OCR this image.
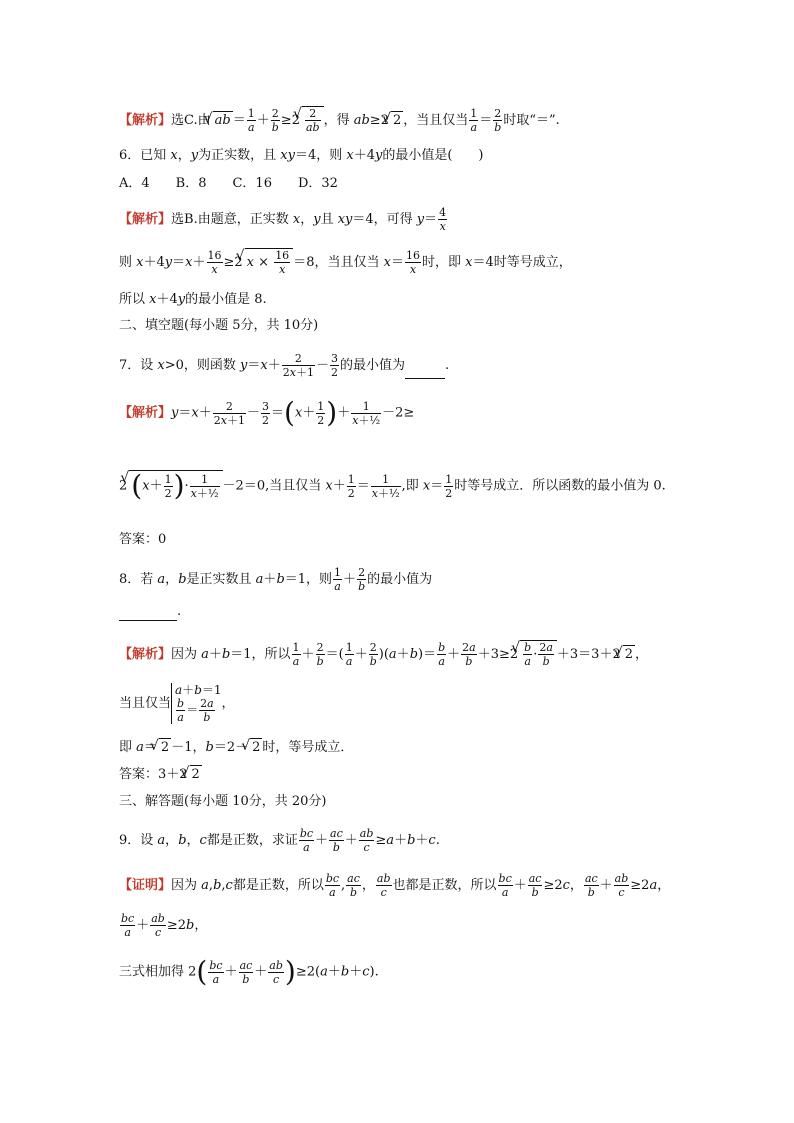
【解析】选C.由√ ab ＝ $\frac{1}{a} + \frac{2}{b} \ge 2$
√ $\frac{2}{ab}$ ，得 ab≥2√ 2 ，当且仅当 $\frac{1}{a} = \frac{2}{b}$ 时取“＝”.
6．已知 x，y为正实数，且 xy＝4，则 x＋4y的最小值是(　　)
A．4　　B．8　　C．16　　D．32
【解析】选B.由题意，正实数 x，y且 xy＝4，可得 $y= \frac{4}{x}$
则 $x+4y=x+ \frac{16}{x} \ge 2√$ $x \times \frac{16}{x} =8$，当且仅当 $x= \frac{16}{x}$ 时，即 x＝4时等号成立，
所以 x＋4y的最小值是 8.
二、填空题(每小题 5分，共 10分)
7．设 x>0，则函数 $y=x+ \frac{2}{2x+1} - \frac{3}{2}$ 的最小值为	.
【解析】$y=x+ \frac{2}{2x+1} - \frac{3}{2} =(x+ \frac{1}{2}$ )＋ $\frac{1}{\text{x＋½}} -2\ge$
2√ ($x+ \frac{1}{2}$ )· $\frac{1}{\text{x＋½}} -2=0$,当且仅当 $x+ \frac{1}{2} = \frac{1}{\text{x＋½}}$ ,即 $x= \frac{1}{2}$ 时等号成立．所以函数的最小值为 0.
答案：0
8．若 a，b是正实数且 a＋b＝1，则 $\frac{1}{a} + \frac{2}{b}$ 的最小值为
.
【解析】因为 a＋b＝1，所以 $\frac{1}{a} + \frac{2}{b}$ ＝( $\frac{1}{a} + \frac{2}{b} )(a+b)= \frac{b}{a} + \frac{2a}{b} +3\ge 2$
√ $\frac{b}{a} \cdot \frac{2a}{b} +3=3+2√$ 2 ，
当且仅当a＋b＝1

$\frac{b}{a} = \frac{2a}{b}$ ，
即 a＝√ 2 －1，b＝2－√ 2 时，等号成立．
答案：3＋2√ 2
三、解答题(每小题 10分，共 20分)
9．设 a，b，c都是正数，求证 $\frac{bc}{a} + \frac{ac}{b} + \frac{ab}{c} \ge a+b+c$.
【证明】因为 a,b,c都是正数，所以 $\frac{bc}{a}$ , $\frac{ac}{b}$ ， $\frac{ab}{c}$ 也都是正数，所以 $\frac{bc}{a} + \frac{ac}{b} \ge 2c$， $\frac{ac}{b} + \frac{ab}{c} \ge 2a$，
$\frac{bc}{a} + \frac{ab}{c} \ge 2b$，
三式相加得 $2( \frac{bc}{a} + \frac{ac}{b} + \frac{ab}{c} )\ge 2(a+b+c)$.
